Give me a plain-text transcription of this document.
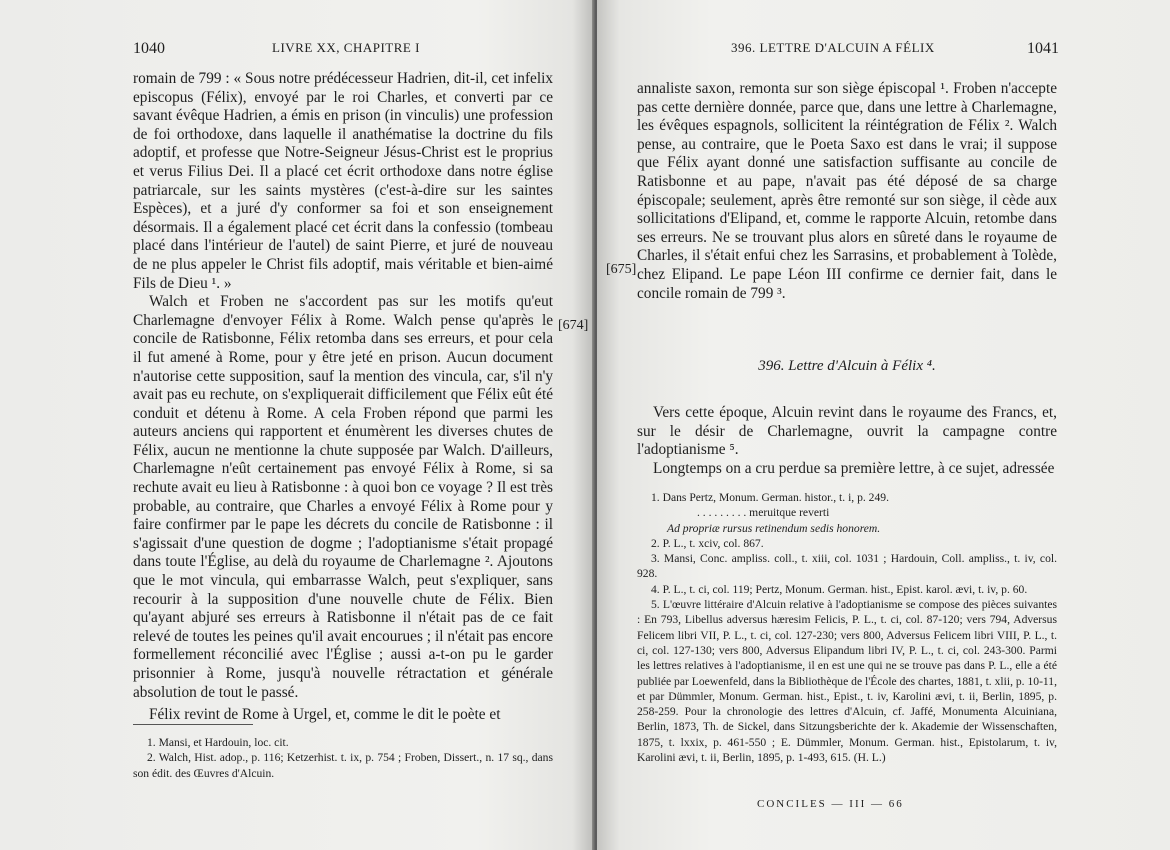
1040	LIVRE XX, CHAPITRE I

romain de 799 : « Sous notre prédécesseur Hadrien, dit-il, cet infelix episcopus (Félix), envoyé par le roi Charles, et converti par ce savant évêque Hadrien, a émis en prison (in vinculis) une profession de foi orthodoxe, dans laquelle il anathématise la doctrine du fils adoptif, et professe que Notre-Seigneur Jésus-Christ est le proprius et verus Filius Dei. Il a placé cet écrit orthodoxe dans notre église patriarcale, sur les saints mystères (c'est-à-dire sur les saintes Espèces), et a juré d'y conformer sa foi et son enseignement désormais. Il a également placé cet écrit dans la confessio (tombeau placé dans l'intérieur de l'autel) de saint Pierre, et juré de nouveau de ne plus appeler le Christ fils adoptif, mais véritable et bien-aimé Fils de Dieu ¹. »

Walch et Froben ne s'accordent pas sur les motifs qu'eut Charlemagne d'envoyer Félix à Rome. Walch pense qu'après le concile de Ratisbonne, Félix retomba dans ses erreurs, et pour cela il fut amené à Rome, pour y être jeté en prison. Aucun document n'autorise cette supposition, sauf la mention des vincula, car, s'il n'y avait pas eu rechute, on s'expliquerait difficilement que Félix eût été conduit et détenu à Rome. A cela Froben répond que parmi les auteurs anciens qui rapportent et énumèrent les diverses chutes de Félix, aucun ne mentionne la chute supposée par Walch. D'ailleurs, Charlemagne n'eût certainement pas envoyé Félix à Rome, si sa rechute avait eu lieu à Ratisbonne : à quoi bon ce voyage ? Il est très probable, au contraire, que Charles a envoyé Félix à Rome pour y faire confirmer par le pape les décrets du concile de Ratisbonne : il s'agissait d'une question de dogme ; l'adoptianisme s'était propagé dans toute l'Église, au delà du royaume de Charlemagne ². Ajoutons que le mot vincula, qui embarrasse Walch, peut s'expliquer, sans recourir à la supposition d'une nouvelle chute de Félix. Bien qu'ayant abjuré ses erreurs à Ratisbonne il n'était pas de ce fait relevé de toutes les peines qu'il avait encourues ; il n'était pas encore formellement réconcilié avec l'Église ; aussi a-t-on pu le garder prisonnier à Rome, jusqu'à nouvelle rétractation et générale absolution de tout le passé.

Félix revint de Rome à Urgel, et, comme le dit le poète et

1. Mansi, et Hardouin, loc. cit.

2. Walch, Hist. adop., p. 116; Ketzerhist. t. ix, p. 754 ; Froben, Dissert., n. 17 sq., dans son édit. des Œuvres d'Alcuin.

[674]
396. LETTRE D'ALCUIN A FÉLIX	1041

annaliste saxon, remonta sur son siège épiscopal ¹. Froben n'accepte pas cette dernière donnée, parce que, dans une lettre à Charlemagne, les évêques espagnols, sollicitent la réintégration de Félix ². Walch pense, au contraire, que le Poeta Saxo est dans le vrai; il suppose que Félix ayant donné une satisfaction suffisante au concile de Ratisbonne et au pape, n'avait pas été déposé de sa charge épiscopale; seulement, après être remonté sur son siège, il cède aux sollicitations d'Elipand, et, comme le rapporte Alcuin, retombe dans ses erreurs. Ne se trouvant plus alors en sûreté dans le royaume de Charles, il s'était enfui chez les Sarrasins, et probablement à Tolède, chez Elipand. Le pape Léon III confirme ce dernier fait, dans le concile romain de 799 ³.

396. Lettre d'Alcuin à Félix ⁴.

Vers cette époque, Alcuin revint dans le royaume des Francs, et, sur le désir de Charlemagne, ouvrit la campagne contre l'adoptianisme ⁵.

Longtemps on a cru perdue sa première lettre, à ce sujet, adressée

1. Dans Pertz, Monum. German. histor., t. i, p. 249.

. . . . . . . . . meruitque reverti

Ad propriæ rursus retinendum sedis honorem.

2. P. L., t. xciv, col. 867.

3. Mansi, Conc. ampliss. coll., t. xiii, col. 1031 ; Hardouin, Coll. ampliss., t. iv, col. 928.

4. P. L., t. ci, col. 119; Pertz, Monum. German. hist., Epist. karol. ævi, t. iv, p. 60.

5. L'œuvre littéraire d'Alcuin relative à l'adoptianisme se compose des pièces suivantes : En 793, Libellus adversus hæresim Felicis, P. L., t. ci, col. 87-120; vers 794, Adversus Felicem libri VII, P. L., t. ci, col. 127-230; vers 800, Adversus Felicem libri VIII, P. L., t. ci, col. 127-130; vers 800, Adversus Elipandum libri IV, P. L., t. ci, col. 243-300. Parmi les lettres relatives à l'adoptianisme, il en est une qui ne se trouve pas dans P. L., elle a été publiée par Loewenfeld, dans la Bibliothèque de l'École des chartes, 1881, t. xlii, p. 10-11, et par Dümmler, Monum. German. hist., Epist., t. iv, Karolini ævi, t. ii, Berlin, 1895, p. 258-259. Pour la chronologie des lettres d'Alcuin, cf. Jaffé, Monumenta Alcuiniana, Berlin, 1873, Th. de Sickel, dans Sitzungsberichte der k. Akademie der Wissenschaften, 1875, t. lxxix, p. 461-550 ; E. Dümmler, Monum. German. hist., Epistolarum, t. iv, Karolini ævi, t. ii, Berlin, 1895, p. 1-493, 615. (H. L.)

CONCILES — III — 66
[675]
